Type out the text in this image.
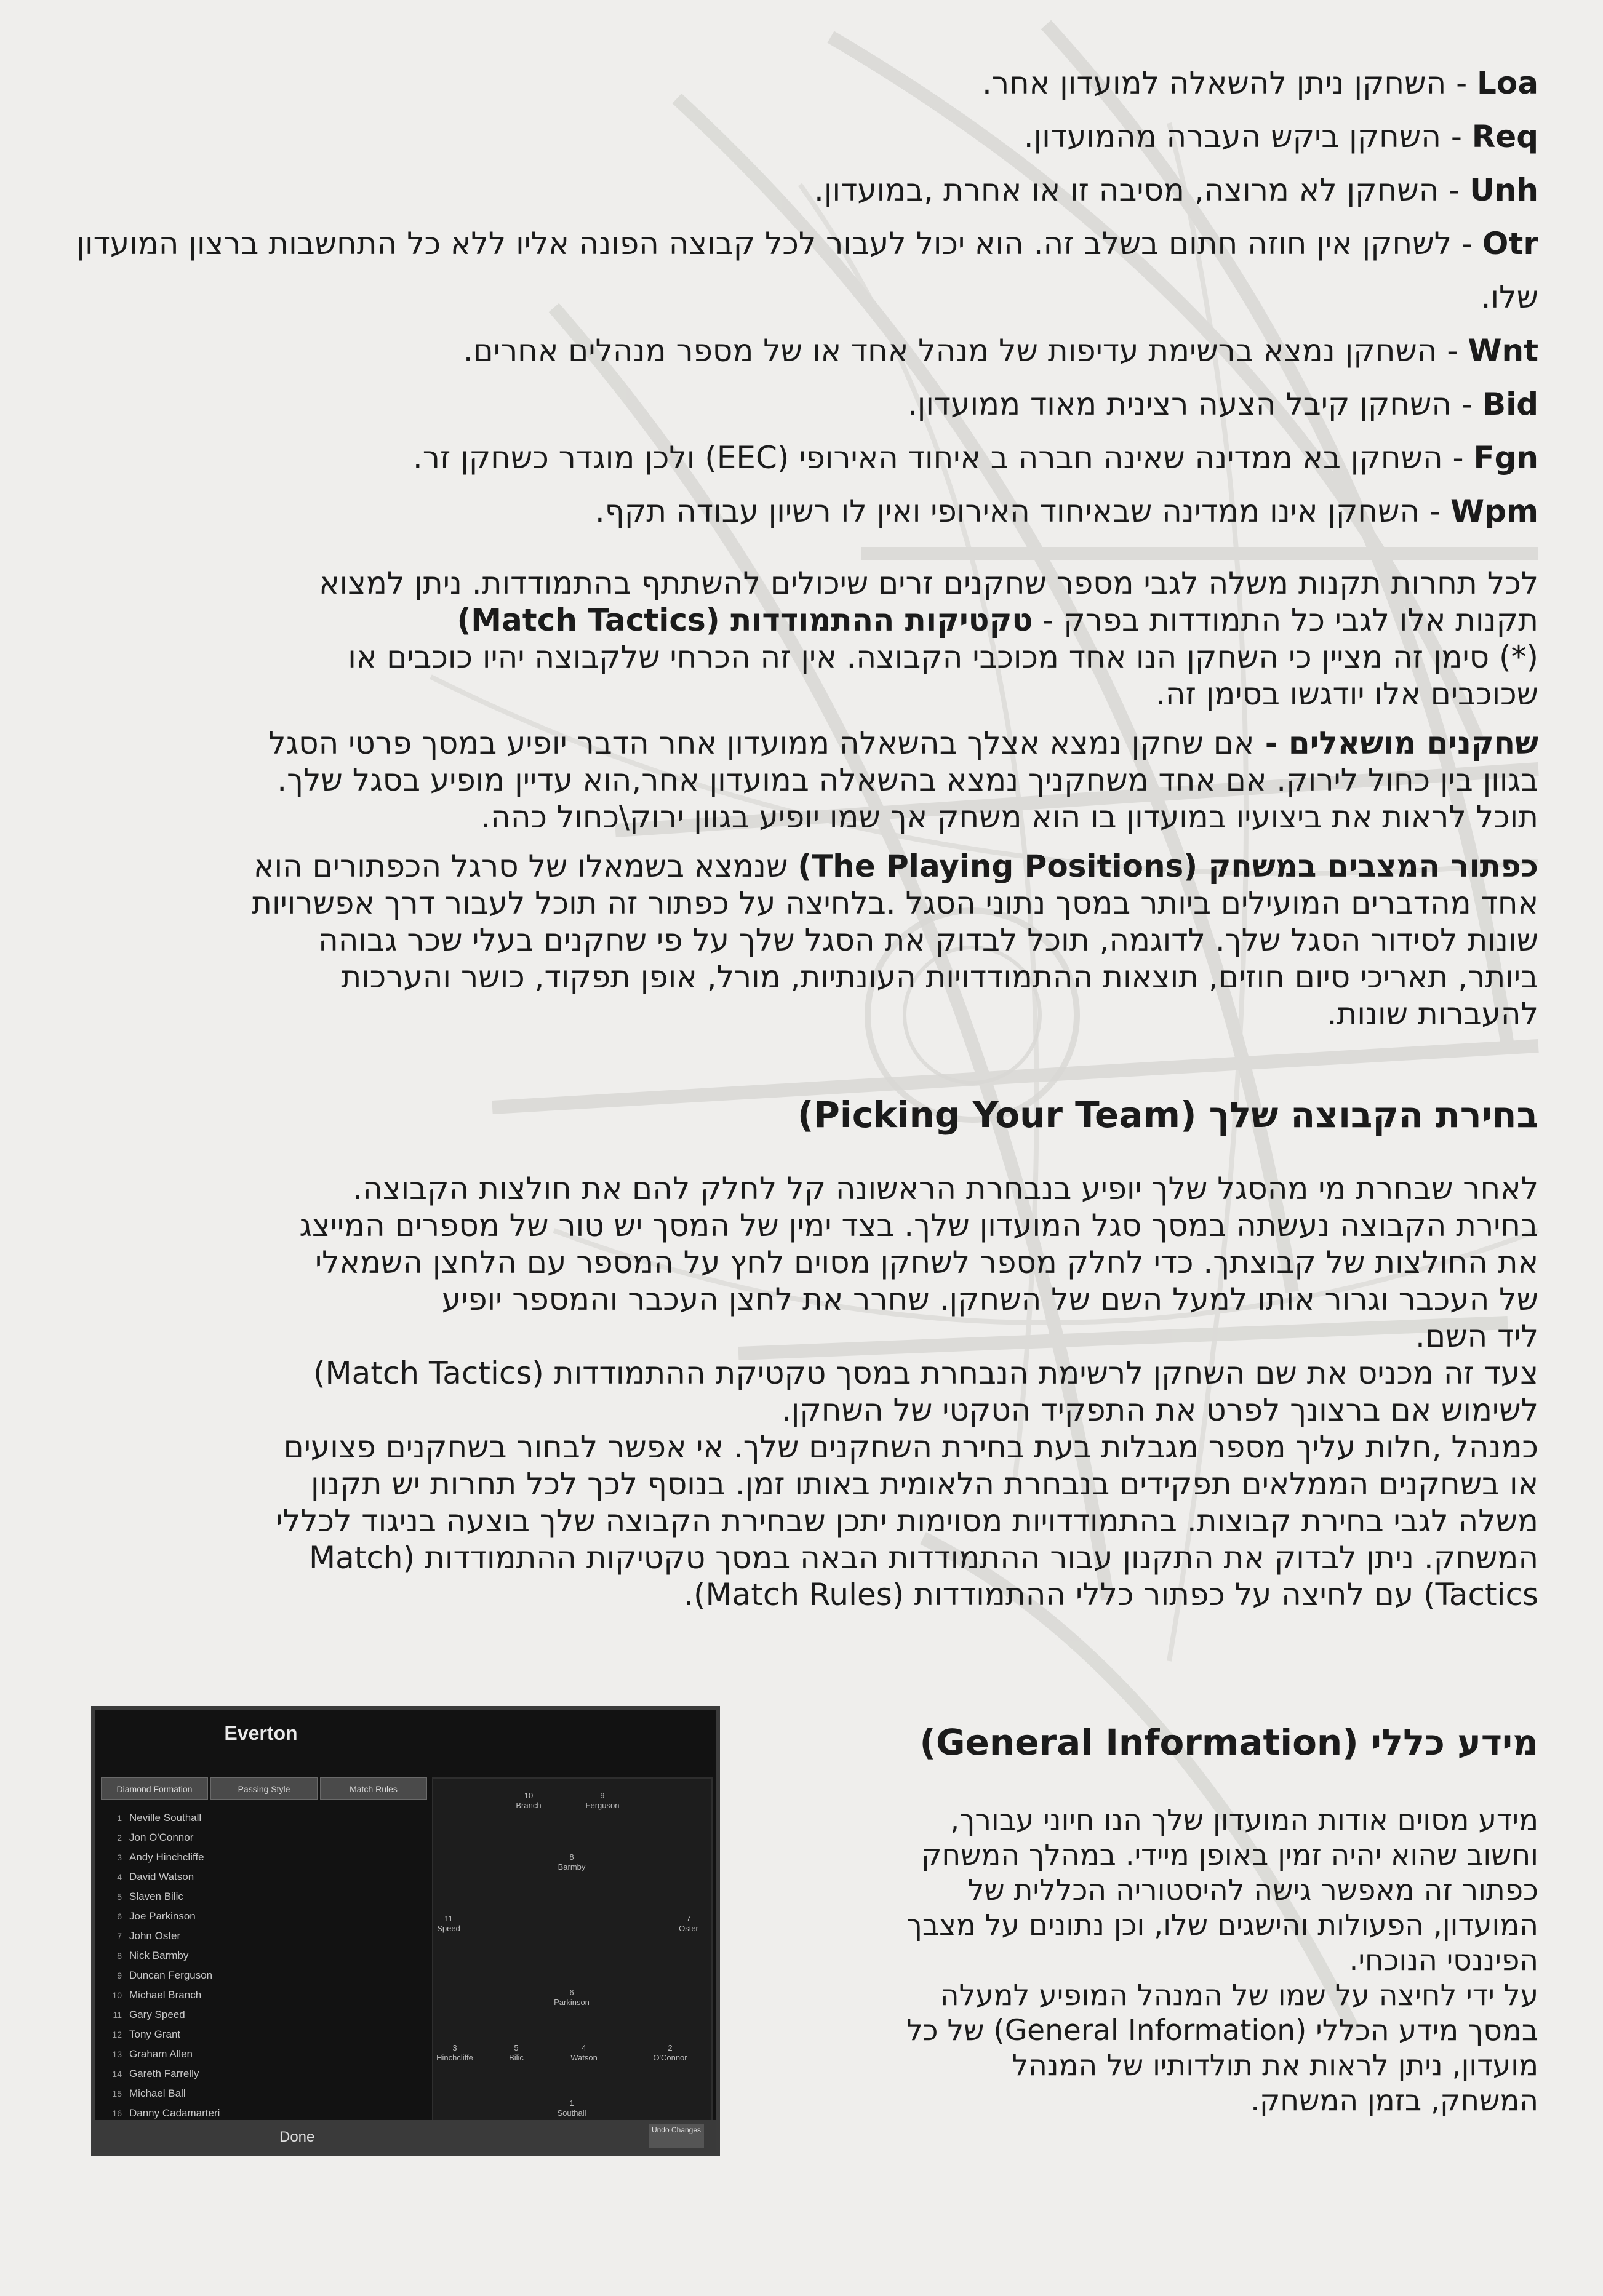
Loa - השחקן ניתן להשאלה למועדון אחר.

Req - השחקן ביקש העברה מהמועדון.

Unh - השחקן לא מרוצה, מסיבה זו או אחרת ,במועדון.

Otr - לשחקן אין חוזה חתום בשלב זה. הוא יכול לעבור לכל קבוצה הפונה אליו ללא כל התחשבות ברצון המועדון שלו.

Wnt - השחקן נמצא ברשימת עדיפות של מנהל אחד או של מספר מנהלים אחרים.

Bid - השחקן קיבל הצעה רצינית מאוד ממועדון.

Fgn - השחקן בא ממדינה שאינה חברה ב איחוד האירופי (EEC) ולכן מוגדר כשחקן זר.

Wpm - השחקן אינו ממדינה שבאיחוד האירופי ואין לו רשיון עבודה תקף.

לכל תחרות תקנות משלה לגבי מספר שחקנים זרים שיכולים להשתתף בהתמודדות. ניתן למצוא
תקנות אלו לגבי כל התמודדות בפרק - טקטיקות ההתמודדות (Match Tactics)
(*) סימן זה מציין כי השחקן הנו אחד מכוכבי הקבוצה. אין זה הכרחי שלקבוצה יהיו כוכבים או
שכוכבים אלו יודגשו בסימן זה.
שחקנים מושאלים - אם שחקן נמצא אצלך בהשאלה ממועדון אחר הדבר יופיע במסך פרטי הסגל
בגוון בין כחול לירוק. אם אחד משחקניך נמצא בהשאלה במועדון אחר,הוא עדיין מופיע בסגל שלך.
תוכל לראות את ביצועיו במועדון בו הוא משחק אך שמו יופיע בגוון ירוק\כחול כהה.
כפתור המצבים במשחק (The Playing Positions) שנמצא בשמאלו של סרגל הכפתורים הוא
אחד מהדברים המועילים ביותר במסך נתוני הסגל .בלחיצה על כפתור זה תוכל לעבור דרך אפשרויות
שונות לסידור הסגל שלך. לדוגמה, תוכל לבדוק את הסגל שלך על פי שחקנים בעלי שכר גבוהה
ביותר, תאריכי סיום חוזים, תוצאות ההתמודדויות העונתיות, מורל, אופן תפקוד, כושר והערכות
להעברות שונות.
בחירת הקבוצה שלך (Picking Your Team)
לאחר שבחרת מי מהסגל שלך יופיע בנבחרת הראשונה קל לחלק להם את חולצות הקבוצה.
בחירת הקבוצה נעשתה במסך סגל המועדון שלך. בצד ימין של המסך יש טור של מספרים המייצג
את החולצות של קבוצתך. כדי לחלק מספר לשחקן מסוים לחץ על המספר עם הלחצן השמאלי
של העכבר וגרור אותו למעל השם של השחקן. שחרר את לחצן העכבר והמספר יופיע
ליד השם.
צעד זה מכניס את שם השחקן לרשימת הנבחרת במסך טקטיקת ההתמודדות (Match Tactics)
לשימוש אם ברצונך לפרט את התפקיד הטקטי של השחקן.
כמנהל ,חלות עליך מספר מגבלות בעת בחירת השחקנים שלך. אי אפשר לבחור בשחקנים פצועים
או בשחקנים הממלאים תפקידים בנבחרת הלאומית באותו זמן. בנוסף לכך לכל תחרות יש תקנון
משלה לגבי בחירת קבוצות. בהתמודדויות מסוימות יתכן שבחירת הקבוצה שלך בוצעה בניגוד לכללי
המשחק. ניתן לבדוק את התקנון עבור ההתמודדות הבאה במסך טקטיקות ההתמודדות (Match
Tactics) עם לחיצה על כפתור כללי ההתמודדות (Match Rules).
מידע כללי (General Information)
מידע מסוים אודות המועדון שלך הנו חיוני עבורך,
וחשוב שהוא יהיה זמין באופן מיידי. במהלך המשחק
כפתור זה מאפשר גישה להיסטוריה הכללית של
המועדון, הפעולות והישגים שלו, וכן נתונים על מצבך
הפיננסי הנוכחי.
על ידי לחיצה על שמו של המנהל המופיע למעלה
במסך מידע הכללי (General Information) של כל
מועדון, ניתן לראות את תולדותיו של המנהל
המשחק, בזמן המשחק.
Everton
Diamond Formation	Passing Style	Match Rules
1 Neville Southall
2 Jon O'Connor
3 Andy Hinchcliffe
4 David Watson
5 Slaven Bilic
6 Joe Parkinson
7 John Oster
8 Nick Barmby
9 Duncan Ferguson
10 Michael Branch
11 Gary Speed
12 Tony Grant
13 Graham Allen
14 Gareth Farrelly
15 Michael Ball
16 Danny Cadamarteri
10
Branch
9
Ferguson
8
Barmby
11
Speed
7
Oster
6
Parkinson
3
Hinchcliffe
5
Bilic
4
Watson
2
O'Connor
1
Southall
Done	Undo Changes
